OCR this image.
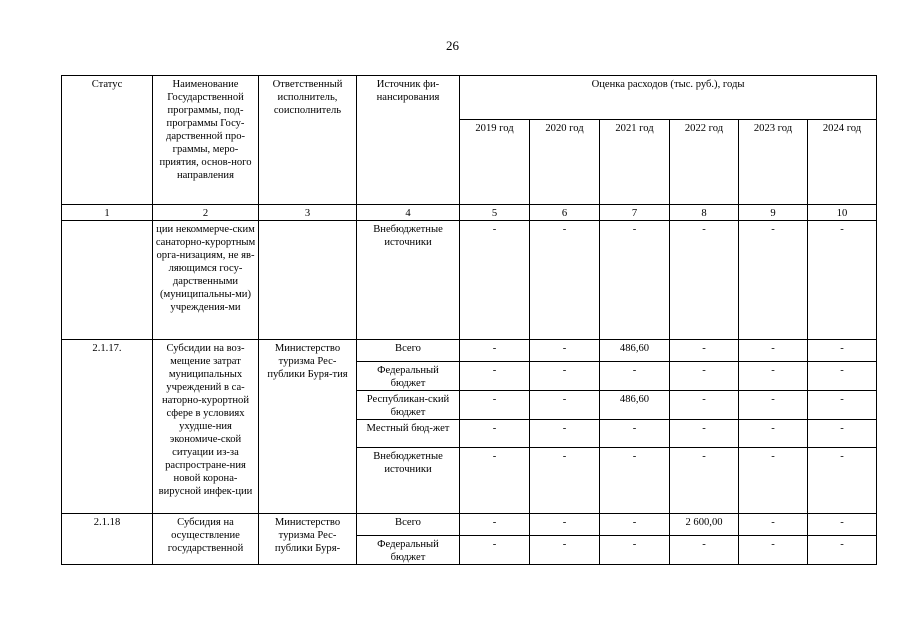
26
Статус	Наименование Государственной программы, под-программы Госу-дарственной про-граммы, меро-приятия, основ-ного направления	Ответственный исполнитель, соисполнитель	Источник фи-нансирования	Оценка расходов (тыс. руб.), годы					
				2019 год	2020 год	2021 год	2022 год	2023 год	2024 год
1	2	3	4	5	6	7	8	9	10
	ции некоммерче-ским санаторно-курортным орга-низациям, не яв-ляющимся госу-дарственными (муниципальны-ми) учреждения-ми		Внебюджетные источники	-	-	-	-	-	-
2.1.17.	Субсидии на воз-мещение затрат муниципальных учреждений в са-наторно-курортной сфере в условиях ухудше-ния экономиче-ской ситуации из-за распростране-ния новой корона-вирусной инфек-ции	Министерство туризма Рес-публики Буря-тия	Всего	-	-	486,60	-	-	-
			Федеральный бюджет	-	-	-	-	-	-
			Республикан-ский бюджет	-	-	486,60	-	-	-
			Местный бюд-жет	-	-	-	-	-	-
			Внебюджетные источники	-	-	-	-	-	-
2.1.18	Субсидия на осуществление государственной	Министерство туризма Рес-публики Буря-	Всего	-	-	-	2 600,00	-	-
			Федеральный бюджет	-	-	-	-	-	-
